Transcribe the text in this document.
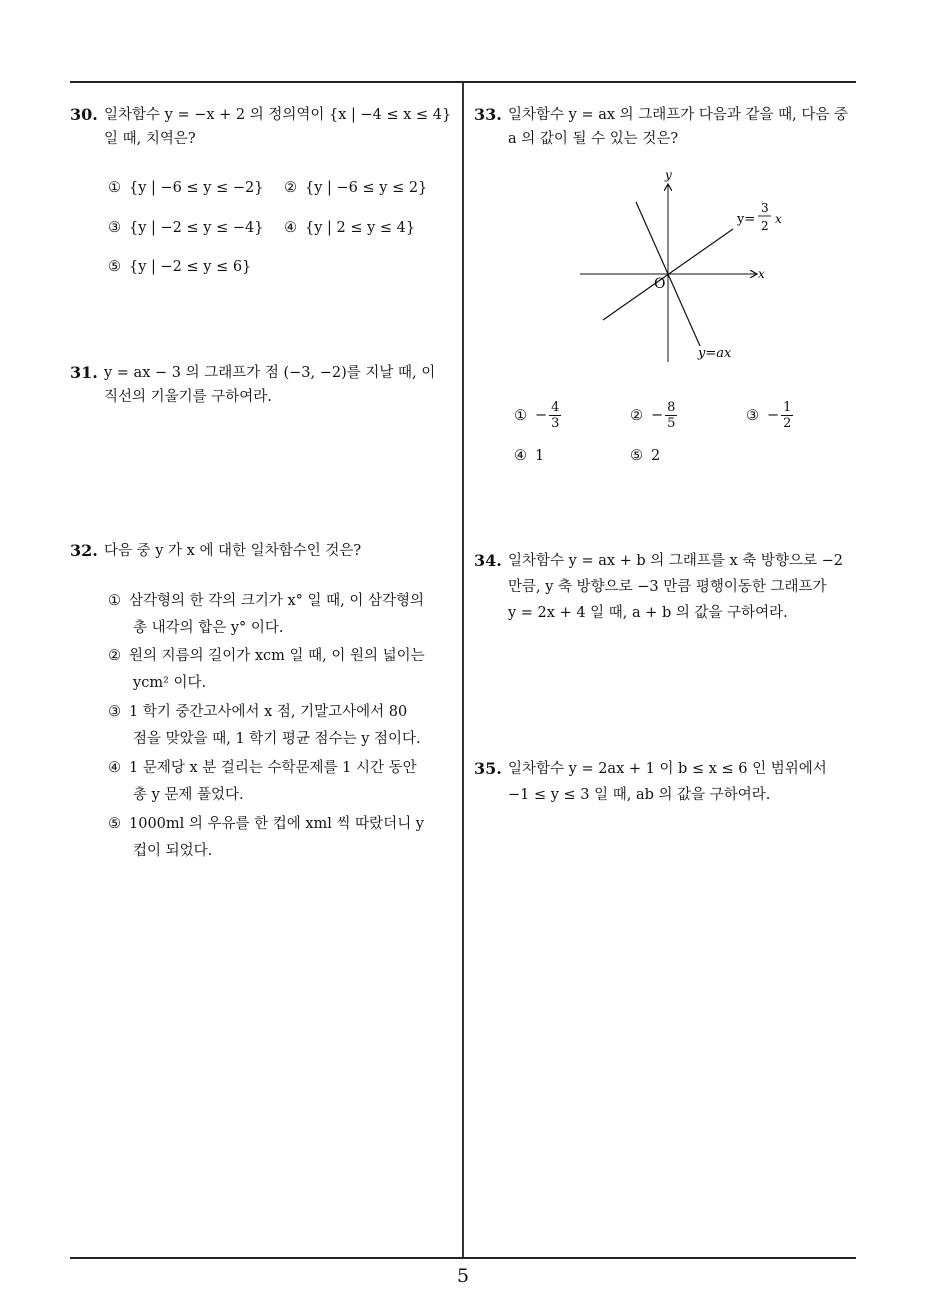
30. 일차함수 y = −x + 2 의 정의역이 {x | −4 ≤ x ≤ 4}
일 때, 치역은?
① {y | −6 ≤ y ≤ −2} ② {y | −6 ≤ y ≤ 2}
③ {y | −2 ≤ y ≤ −4} ④ {y | 2 ≤ y ≤ 4}
⑤ {y | −2 ≤ y ≤ 6}
31. y = ax − 3 의 그래프가 점 (−3, −2)를 지날 때, 이
직선의 기울기를 구하여라.
32. 다음 중 y 가 x 에 대한 일차함수인 것은?
① 삼각형의 한 각의 크기가 x° 일 때, 이 삼각형의
총 내각의 합은 y° 이다.
② 원의 지름의 길이가 xcm 일 때, 이 원의 넓이는
ycm² 이다.
③ 1 학기 중간고사에서 x 점, 기말고사에서 80
점을 맞았을 때, 1 학기 평균 점수는 y 점이다.
④ 1 문제당 x 분 걸리는 수학문제를 1 시간 동안
총 y 문제 풀었다.
⑤ 1000ml 의 우유를 한 컵에 xml 씩 따랐더니 y
컵이 되었다.
33. 일차함수 y = ax 의 그래프가 다음과 같을 때, 다음 중
a 의 값이 될 수 있는 것은?
y
x
O
y=
3
2 x
y=ax
① − $\frac{4}{3}$	② − $\frac{8}{5}$	③ − $\frac{1}{2}$
④ 1	⑤ 2
34. 일차함수 y = ax + b 의 그래프를 x 축 방향으로 −2
만큼, y 축 방향으로 −3 만큼 평행이동한 그래프가
y = 2x + 4 일 때, a + b 의 값을 구하여라.
35. 일차함수 y = 2ax + 1 이 b ≤ x ≤ 6 인 범위에서
−1 ≤ y ≤ 3 일 때, ab 의 값을 구하여라.
5
